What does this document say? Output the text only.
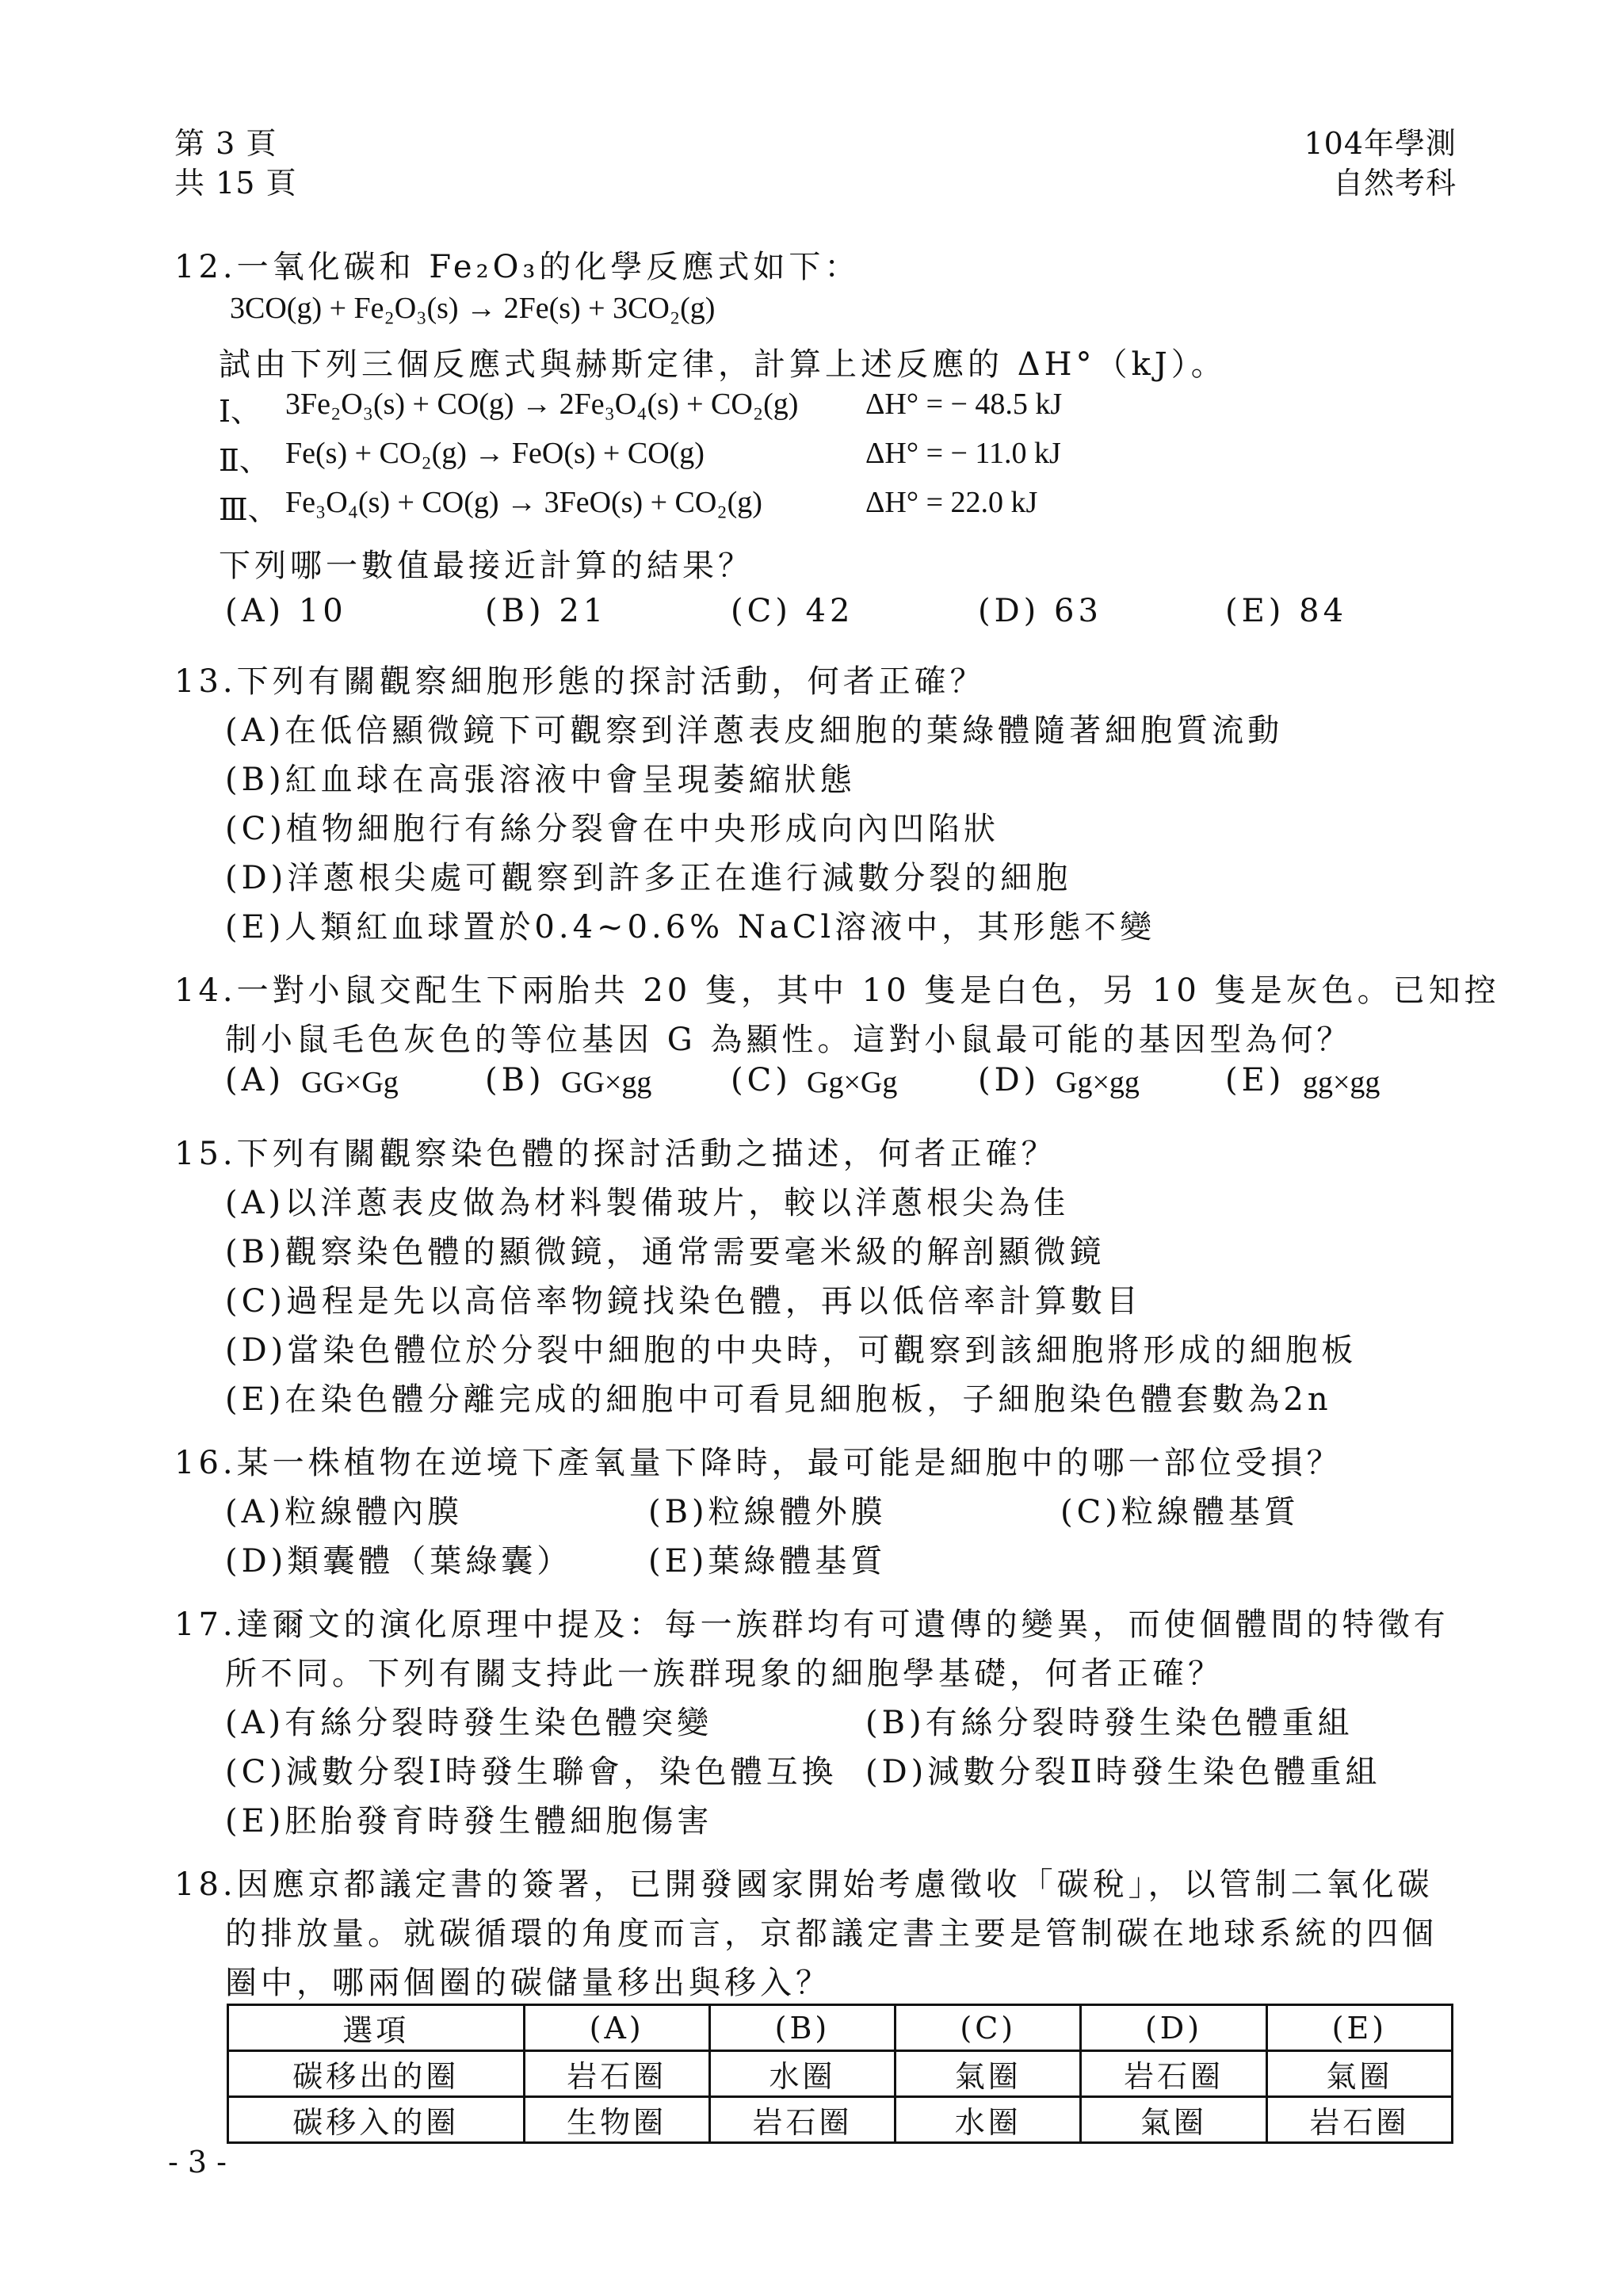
第 3 頁
共 15 頁
104年學測
自然考科
12.一氧化碳和 Fe₂O₃的化學反應式如下：
3CO(g) + Fe₂O₃(s) → 2Fe(s) + 3CO₂(g)
試由下列三個反應式與赫斯定律，計算上述反應的 ΔH°（kJ）。
Ⅰ、 3Fe₂O₃(s) + CO(g) → 2Fe₃O₄(s) + CO₂(g) ΔH° = − 48.5 kJ
Ⅱ、 Fe(s) + CO₂(g) → FeO(s) + CO(g)	ΔH° = − 11.0 kJ
Ⅲ、 Fe₃O₄(s) + CO(g) → 3FeO(s) + CO₂(g)	ΔH° = 22.0 kJ
下列哪一數值最接近計算的結果？
(A) 10	(B) 21	(C) 42	(D) 63	(E) 84
13.下列有關觀察細胞形態的探討活動，何者正確？
(A)在低倍顯微鏡下可觀察到洋蔥表皮細胞的葉綠體隨著細胞質流動
(B)紅血球在高張溶液中會呈現萎縮狀態
(C)植物細胞行有絲分裂會在中央形成向內凹陷狀
(D)洋蔥根尖處可觀察到許多正在進行減數分裂的細胞
(E)人類紅血球置於0.4~0.6% NaCl溶液中，其形態不變
14.一對小鼠交配生下兩胎共 20 隻，其中 10 隻是白色，另 10 隻是灰色。已知控
制小鼠毛色灰色的等位基因 G 為顯性。這對小鼠最可能的基因型為何？
(A) GG×Gg	(B) GG×gg (C) Gg×Gg	(D) Gg×gg	(E) gg×gg
15.下列有關觀察染色體的探討活動之描述，何者正確？
(A)以洋蔥表皮做為材料製備玻片，較以洋蔥根尖為佳
(B)觀察染色體的顯微鏡，通常需要毫米級的解剖顯微鏡
(C)過程是先以高倍率物鏡找染色體，再以低倍率計算數目
(D)當染色體位於分裂中細胞的中央時，可觀察到該細胞將形成的細胞板
(E)在染色體分離完成的細胞中可看見細胞板，子細胞染色體套數為2n
16.某一株植物在逆境下產氧量下降時，最可能是細胞中的哪一部位受損？
(A)粒線體內膜	(B)粒線體外膜	(C)粒線體基質
(D)類囊體（葉綠囊） (E)葉綠體基質
17.達爾文的演化原理中提及：每一族群均有可遺傳的變異，而使個體間的特徵有
所不同。下列有關支持此一族群現象的細胞學基礎，何者正確？
(A)有絲分裂時發生染色體突變	(B)有絲分裂時發生染色體重組
(C)減數分裂Ⅰ時發生聯會，染色體互換 (D)減數分裂Ⅱ時發生染色體重組
(E)胚胎發育時發生體細胞傷害
18.因應京都議定書的簽署，已開發國家開始考慮徵收「碳稅」，以管制二氧化碳
的排放量。就碳循環的角度而言，京都議定書主要是管制碳在地球系統的四個
圈中，哪兩個圈的碳儲量移出與移入？
選項	(A)	(B)	(C)	(D)	(E)
碳移出的圈	岩石圈	水圈	氣圈	岩石圈	氣圈
碳移入的圈	生物圈	岩石圈	水圈	氣圈	岩石圈
- 3 -
